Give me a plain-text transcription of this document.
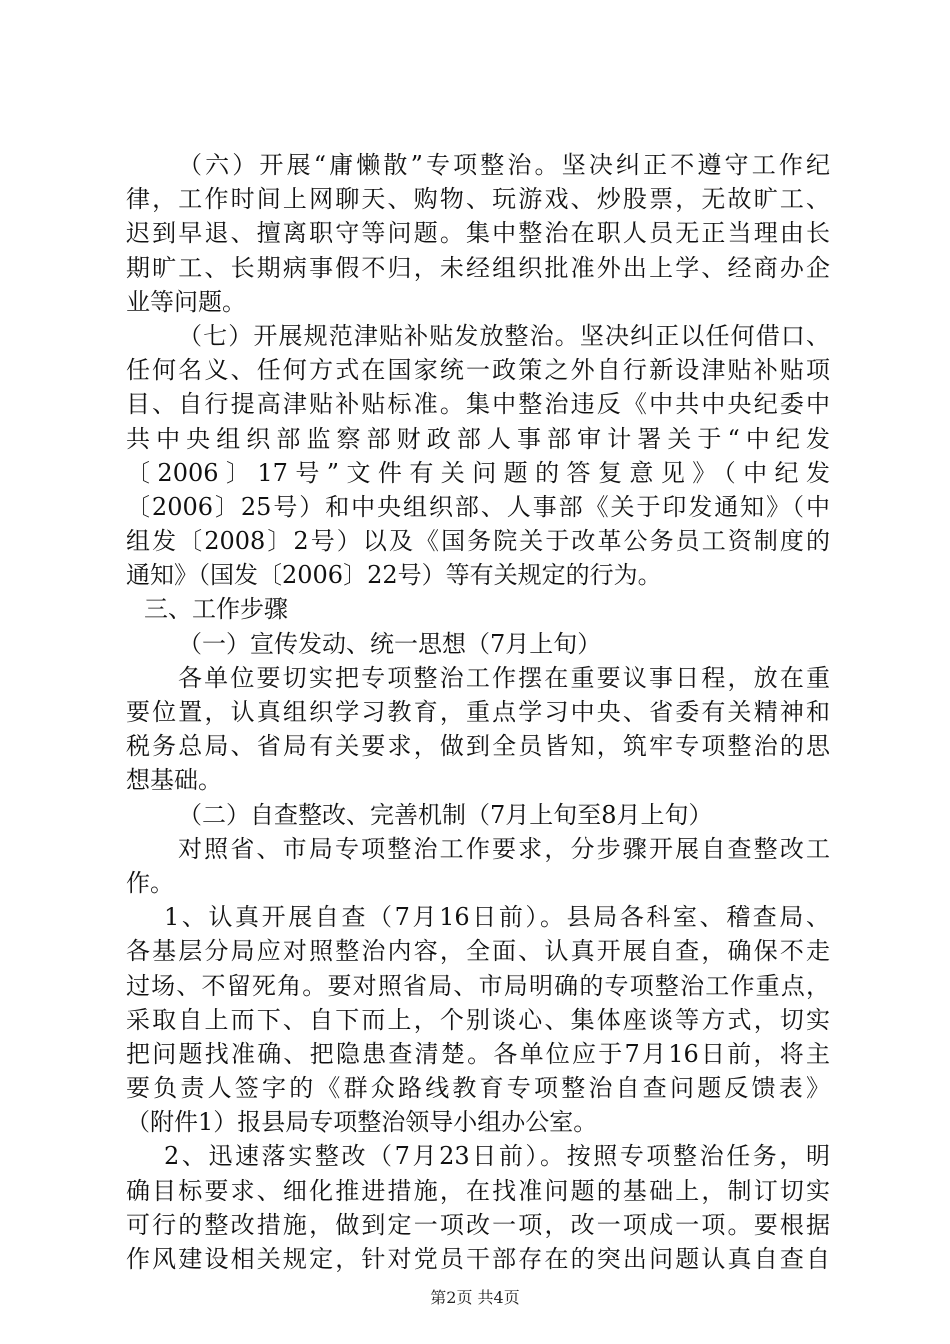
（六）开展“庸懒散”专项整治。坚决纠正不遵守工作纪
律，工作时间上网聊天、购物、玩游戏、炒股票，无故旷工、
迟到早退、擅离职守等问题。集中整治在职人员无正当理由长
期旷工、长期病事假不归，未经组织批准外出上学、经商办企
业等问题。
（七）开展规范津贴补贴发放整治。坚决纠正以任何借口、
任何名义、任何方式在国家统一政策之外自行新设津贴补贴项
目、自行提高津贴补贴标准。集中整治违反《中共中央纪委中
共中央组织部监察部财政部人事部审计署关于“中纪发
〔2006〕17号”文件有关问题的答复意见》（中纪发
〔2006〕25号）和中央组织部、人事部《关于印发通知》（中
组发〔2008〕2号）以及《国务院关于改革公务员工资制度的
通知》（国发〔2006〕22号）等有关规定的行为。
三、工作步骤
（一）宣传发动、统一思想（7月上旬）
各单位要切实把专项整治工作摆在重要议事日程，放在重
要位置，认真组织学习教育，重点学习中央、省委有关精神和
税务总局、省局有关要求，做到全员皆知，筑牢专项整治的思
想基础。
（二）自查整改、完善机制（7月上旬至8月上旬）
对照省、市局专项整治工作要求，分步骤开展自查整改工
作。
1、认真开展自查（7月16日前）。县局各科室、稽查局、
各基层分局应对照整治内容，全面、认真开展自查，确保不走
过场、不留死角。要对照省局、市局明确的专项整治工作重点，
采取自上而下、自下而上，个别谈心、集体座谈等方式，切实
把问题找准确、把隐患查清楚。各单位应于7月16日前，将主
要负责人签字的《群众路线教育专项整治自查问题反馈表》
（附件1）报县局专项整治领导小组办公室。
2、迅速落实整改（7月23日前）。按照专项整治任务，明
确目标要求、细化推进措施，在找准问题的基础上，制订切实
可行的整改措施，做到定一项改一项，改一项成一项。要根据
作风建设相关规定，针对党员干部存在的突出问题认真自查自
第2页 共4页
